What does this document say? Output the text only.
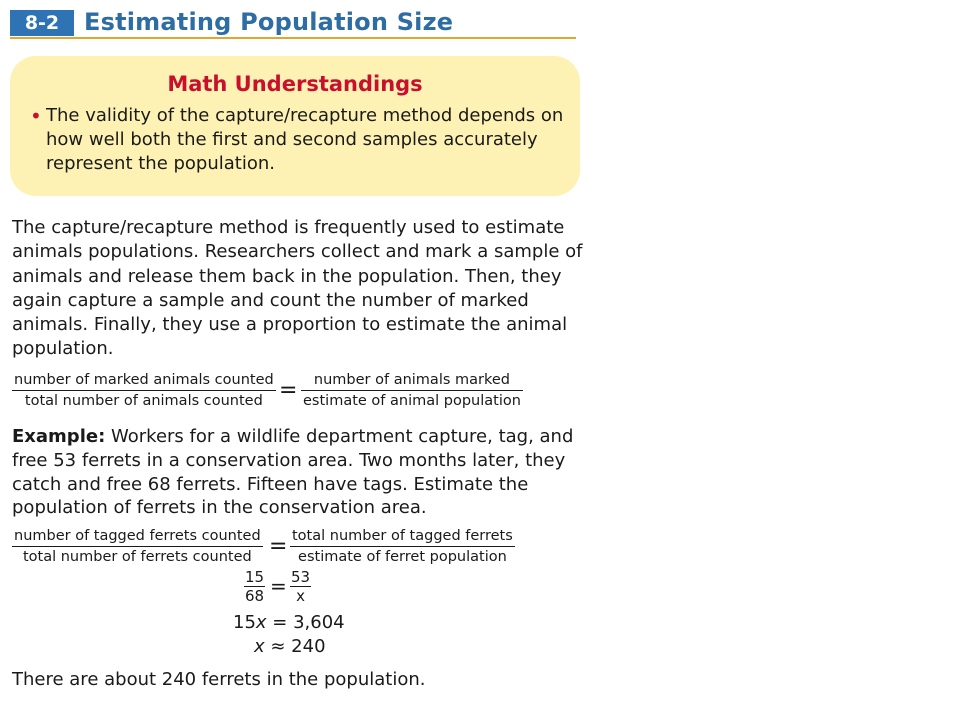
8-2	Estimating Population Size
Math Understandings
• The validity of the capture/recapture method depends on how well both the first and second samples accurately represent the population.
The capture/recapture method is frequently used to estimate animals populations. Researchers collect and mark a sample of animals and release them back in the population. Then, they again capture a sample and count the number of marked animals. Finally, they use a proportion to estimate the animal population.
number of marked animals counted
total number of animals counted =	number of animals marked
estimate of animal population
Example: Workers for a wildlife department capture, tag, and free 53 ferrets in a conservation area. Two months later, they catch and free 68 ferrets. Fifteen have tags. Estimate the population of ferrets in the conservation area.
number of tagged ferrets counted
total number of ferrets counted = total number of tagged ferrets
estimate of ferret population
$\frac{15}{68} = \frac{53}{x}$
15x = 3,604
x ≈ 240
There are about 240 ferrets in the population.
